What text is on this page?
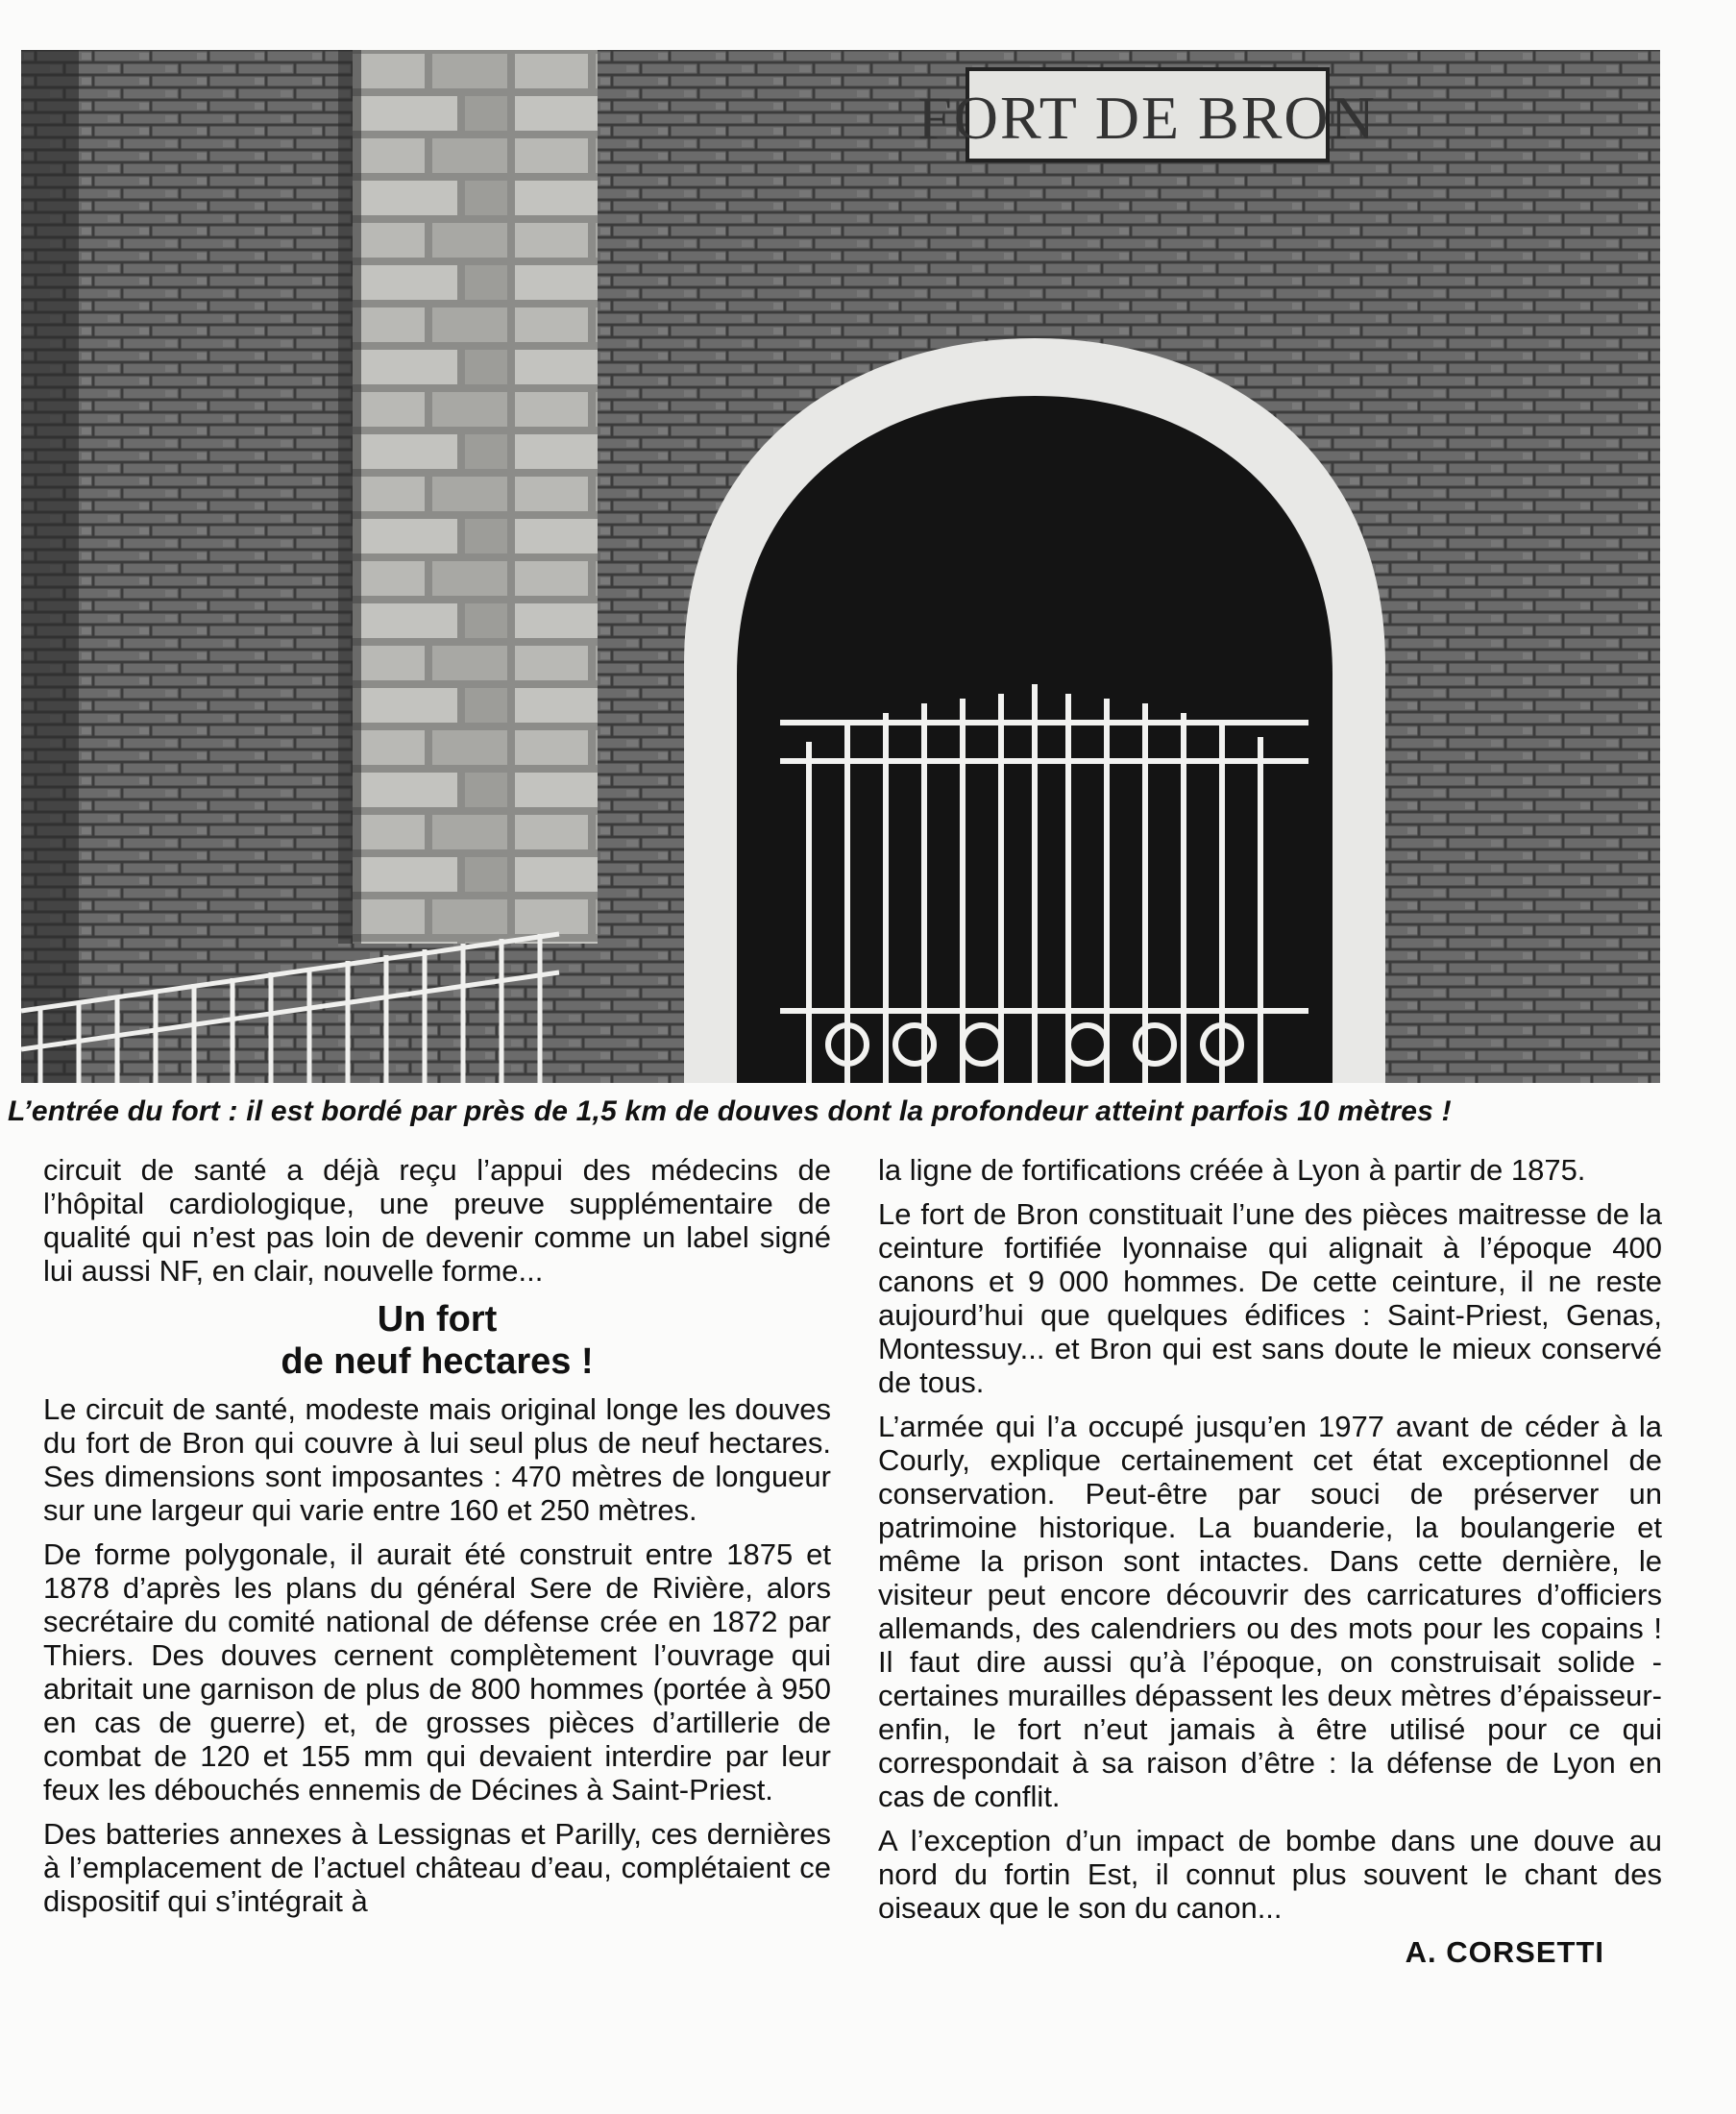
FORT DE BRON
L’entrée du fort : il est bordé par près de 1,5 km de douves dont la profondeur atteint parfois 10 mètres !

circuit de santé a déjà reçu l’appui des médecins de l’hôpital cardiologique, une preuve supplémentaire de qualité qui n’est pas loin de devenir comme un label signé lui aussi NF, en clair, nouvelle forme...

Un fort
de neuf hectares !

Le circuit de santé, modeste mais original longe les douves du fort de Bron qui couvre à lui seul plus de neuf hectares. Ses dimensions sont imposantes : 470 mètres de longueur sur une largeur qui varie entre 160 et 250 mètres.

De forme polygonale, il aurait été construit entre 1875 et 1878 d’après les plans du général Sere de Rivière, alors secrétaire du comité national de défense crée en 1872 par Thiers. Des douves cernent complètement l’ouvrage qui abritait une garnison de plus de 800 hommes (portée à 950 en cas de guerre) et, de grosses pièces d’artillerie de combat de 120 et 155 mm qui devaient interdire par leur feux les débouchés ennemis de Décines à Saint-Priest.

Des batteries annexes à Lessignas et Parilly, ces dernières à l’emplacement de l’actuel château d’eau, complétaient ce dispositif qui s’intégrait à

la ligne de fortifications créée à Lyon à partir de 1875.

Le fort de Bron constituait l’une des pièces maitresse de la ceinture fortifiée lyonnaise qui alignait à l’époque 400 canons et 9 000 hommes. De cette ceinture, il ne reste aujourd’hui que quelques édifices : Saint-Priest, Genas, Montessuy... et Bron qui est sans doute le mieux conservé de tous.

L’armée qui l’a occupé jusqu’en 1977 avant de céder à la Courly, explique certainement cet état exceptionnel de conservation. Peut-être par souci de préserver un patrimoine historique. La buanderie, la boulangerie et même la prison sont intactes. Dans cette dernière, le visiteur peut encore découvrir des carricatures d’officiers allemands, des calendriers ou des mots pour les copains ! Il faut dire aussi qu’à l’époque, on construisait solide -certaines murailles dépassent les deux mètres d’épaisseur- enfin, le fort n’eut jamais à être utilisé pour ce qui correspondait à sa raison d’être : la défense de Lyon en cas de conflit.

A l’exception d’un impact de bombe dans une douve au nord du fortin Est, il connut plus souvent le chant des oiseaux que le son du canon...

A. CORSETTI
